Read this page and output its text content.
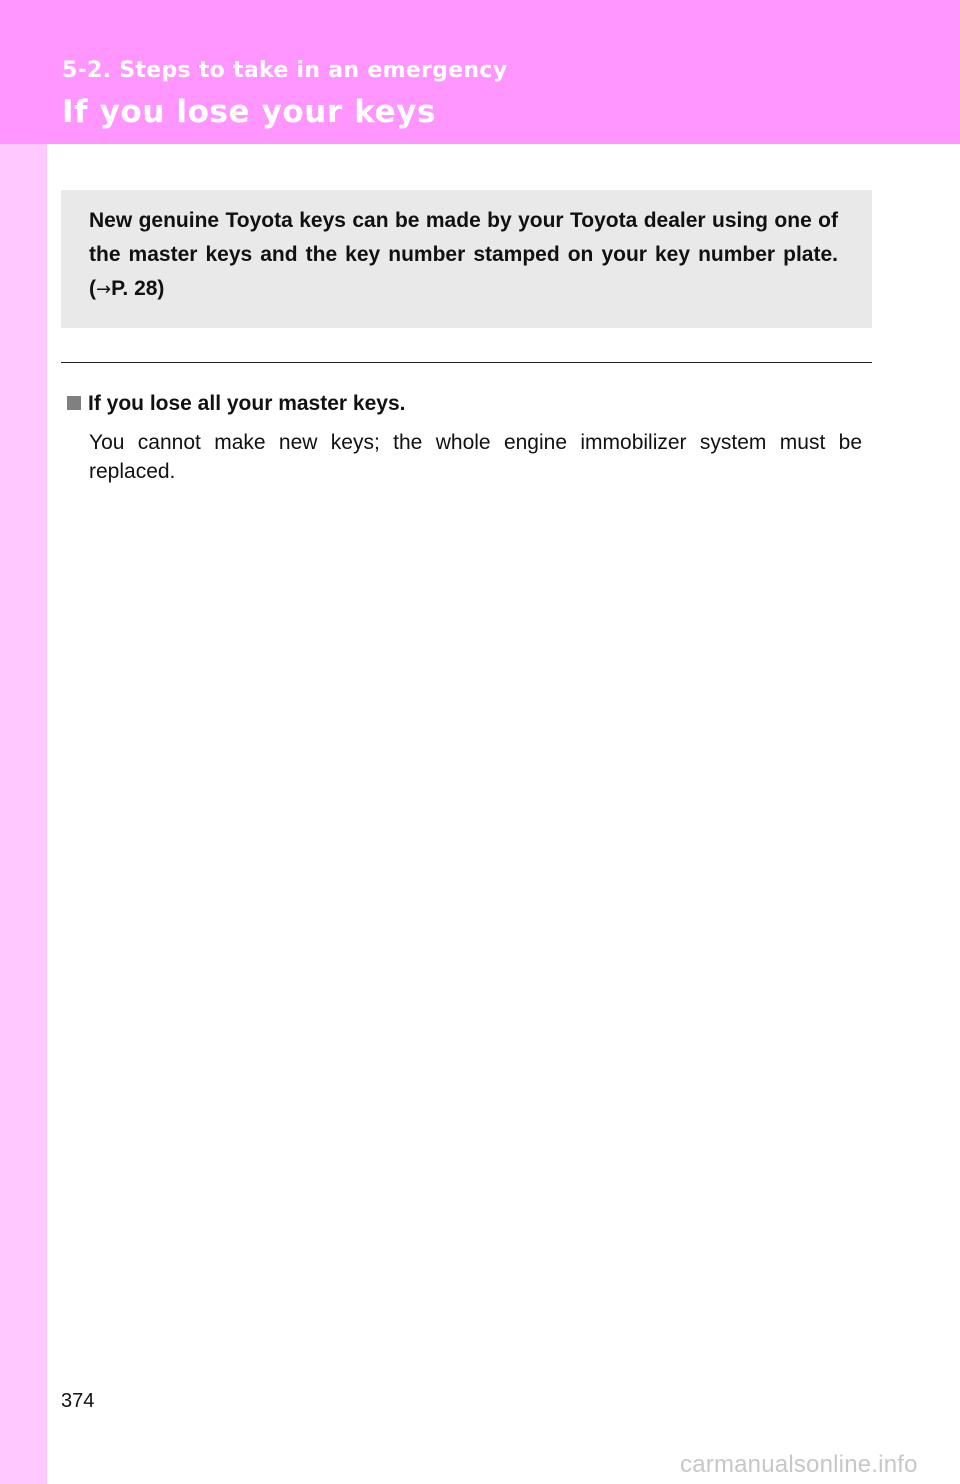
5-2. Steps to take in an emergency
If you lose your keys

New genuine Toyota keys can be made by your Toyota dealer using one of the master keys and the key number stamped on your key number plate. (→P. 28)

If you lose all your master keys.

You cannot make new keys; the whole engine immobilizer system must be replaced.

374
carmanualsonline.info
